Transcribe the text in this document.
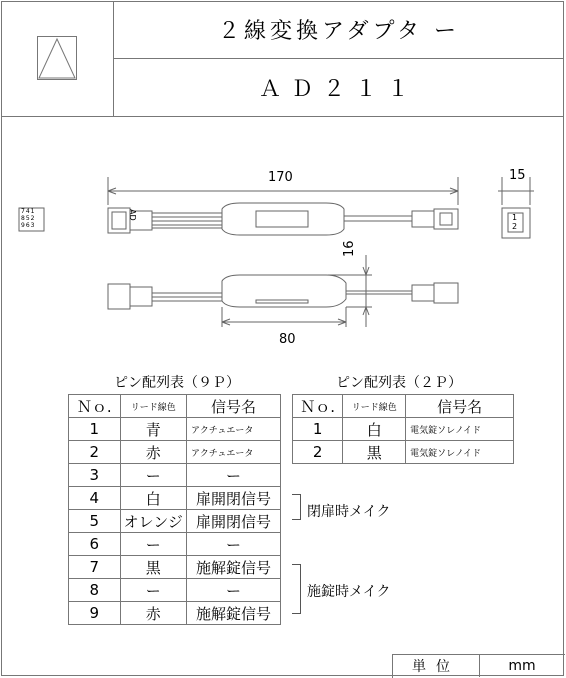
２線変換アダプタ ー
ＡＤ２１１
170	15
16
80
AD
741
852
963
1
2
ピン配列表（９Ｐ）
Ｎｏ.	リード線色	信号名
1	青	アクチュエータ
2	赤	アクチュエータ
3	ー	ー
4	白	扉開閉信号
5	オレンジ	扉開閉信号
6	ー	ー
7	黒	施解錠信号
8	ー	ー
9	赤	施解錠信号
ピン配列表（２Ｐ）
Ｎｏ.	リード線色	信号名
1	白	電気錠ソレノイド
2	黒	電気錠ソレノイド
閉扉時メイク
施錠時メイク
単位	mm
